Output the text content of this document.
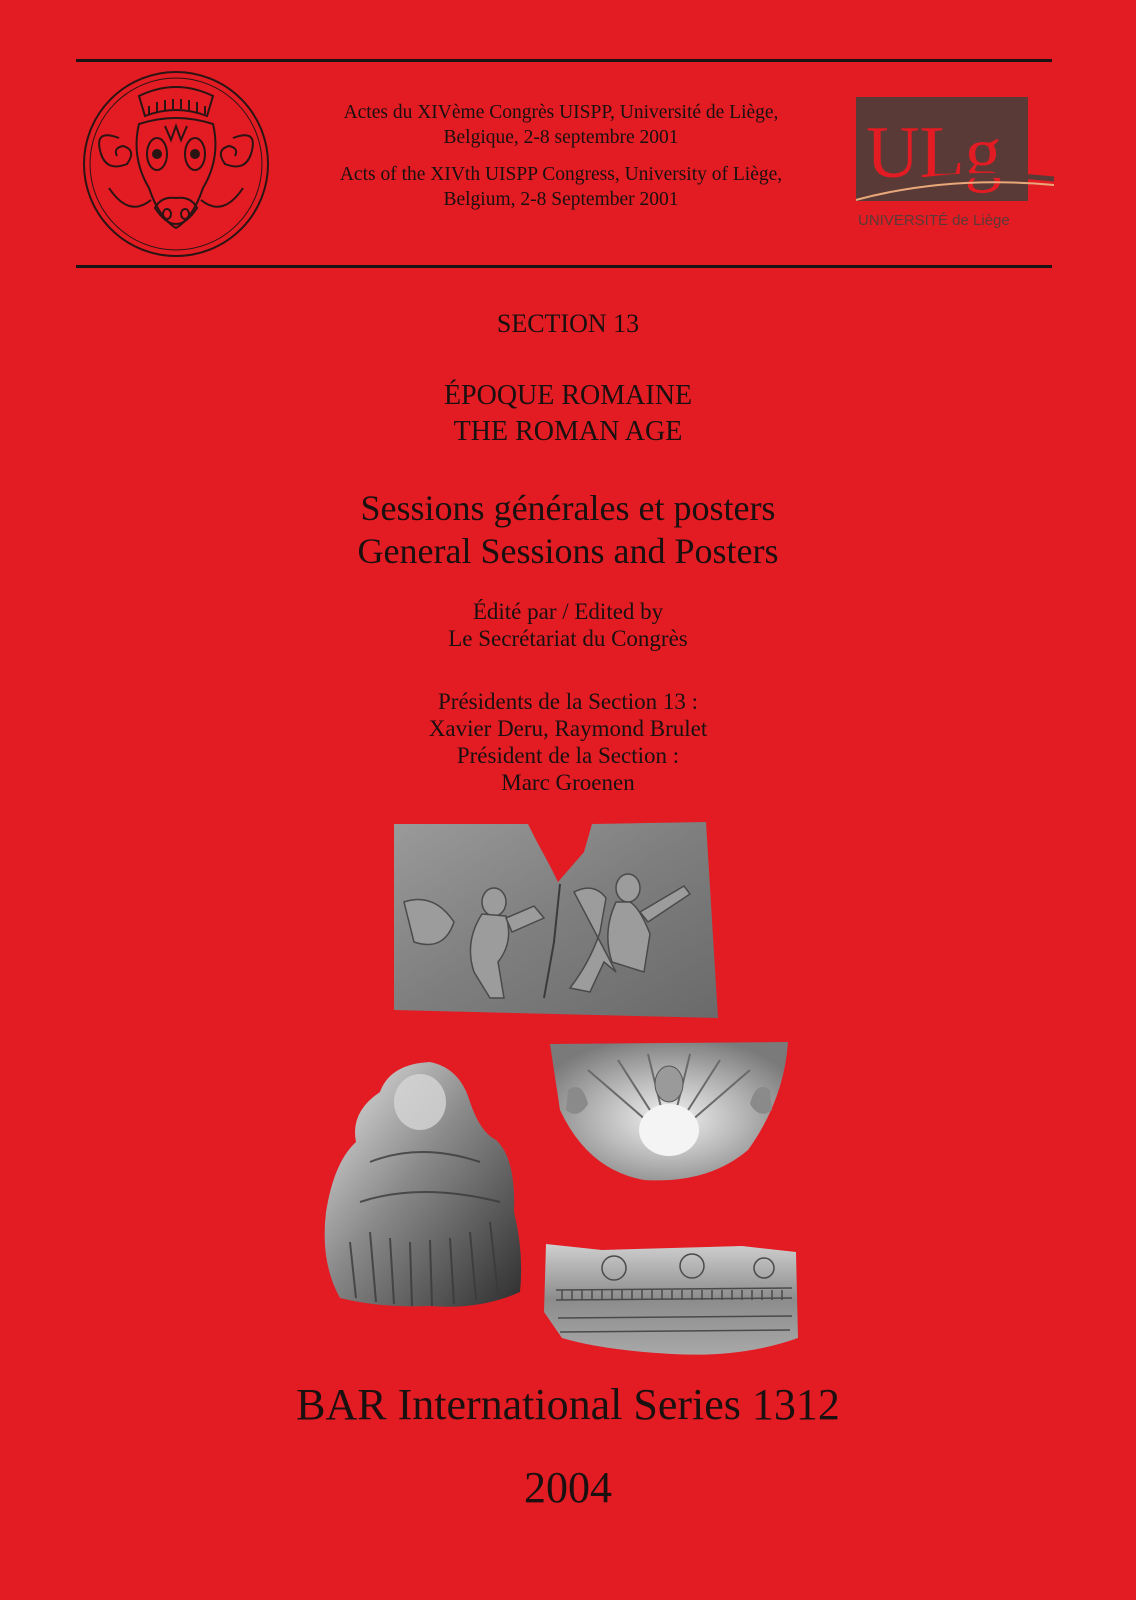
Actes du XIVème Congrès UISPP, Université de Liège,
Belgique, 2-8 septembre 2001
Acts of the XIVth UISPP Congress, University of Liège,
Belgium, 2-8 September 2001
ULg
UNIVERSITÉ de Liège
SECTION 13
ÉPOQUE ROMAINE
THE ROMAN AGE
Sessions générales et posters
General Sessions and Posters
Édité par / Edited by
Le Secrétariat du Congrès
Présidents de la Section 13 :
Xavier Deru, Raymond Brulet
Président de la Section :
Marc Groenen
BAR International Series 1312
2004
